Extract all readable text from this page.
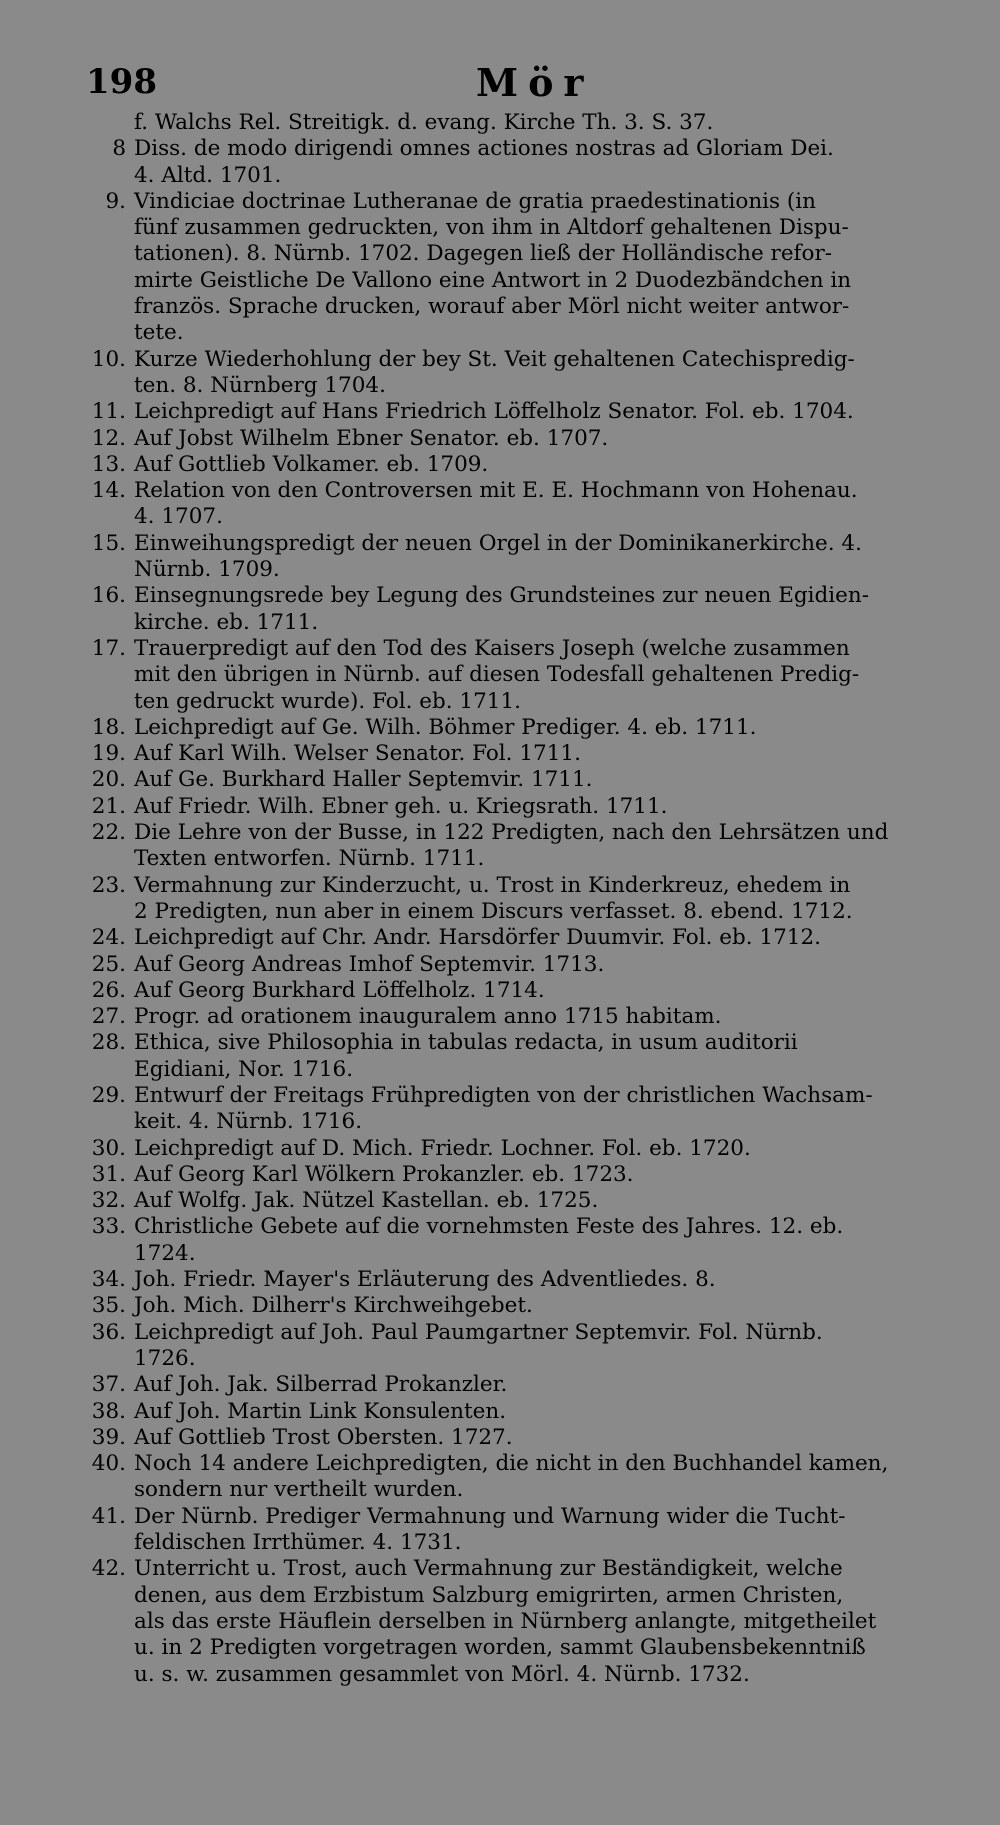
198	Mör
f. Walchs Rel. Streitigk. d. evang. Kirche Th. 3. S. 37.
8 Diss. de modo dirigendi omnes actiones nostras ad Gloriam Dei.
4. Altd. 1701.
9. Vindiciae doctrinae Lutheranae de gratia praedestinationis (in
fünf zusammen gedruckten, von ihm in Altdorf gehaltenen Dispu-
tationen). 8. Nürnb. 1702. Dagegen ließ der Holländische refor-
mirte Geistliche De Vallono eine Antwort in 2 Duodezbändchen in
französ. Sprache drucken, worauf aber Mörl nicht weiter antwor-
tete.
10. Kurze Wiederhohlung der bey St. Veit gehaltenen Catechispredig-
ten. 8. Nürnberg 1704.
11. Leichpredigt auf Hans Friedrich Löffelholz Senator. Fol. eb. 1704.
12. Auf Jobst Wilhelm Ebner Senator. eb. 1707.
13. Auf Gottlieb Volkamer. eb. 1709.
14. Relation von den Controversen mit E. E. Hochmann von Hohenau.
4. 1707.
15. Einweihungspredigt der neuen Orgel in der Dominikanerkirche. 4.
Nürnb. 1709.
16. Einsegnungsrede bey Legung des Grundsteines zur neuen Egidien-
kirche. eb. 1711.
17. Trauerpredigt auf den Tod des Kaisers Joseph (welche zusammen
mit den übrigen in Nürnb. auf diesen Todesfall gehaltenen Predig-
ten gedruckt wurde). Fol. eb. 1711.
18. Leichpredigt auf Ge. Wilh. Böhmer Prediger. 4. eb. 1711.
19. Auf Karl Wilh. Welser Senator. Fol. 1711.
20. Auf Ge. Burkhard Haller Septemvir. 1711.
21. Auf Friedr. Wilh. Ebner geh. u. Kriegsrath. 1711.
22. Die Lehre von der Busse, in 122 Predigten, nach den Lehrsätzen und
Texten entworfen. Nürnb. 1711.
23. Vermahnung zur Kinderzucht, u. Trost in Kinderkreuz, ehedem in
2 Predigten, nun aber in einem Discurs verfasset. 8. ebend. 1712.
24. Leichpredigt auf Chr. Andr. Harsdörfer Duumvir. Fol. eb. 1712.
25. Auf Georg Andreas Imhof Septemvir. 1713.
26. Auf Georg Burkhard Löffelholz. 1714.
27. Progr. ad orationem inauguralem anno 1715 habitam.
28. Ethica, sive Philosophia in tabulas redacta, in usum auditorii
Egidiani, Nor. 1716.
29. Entwurf der Freitags Frühpredigten von der christlichen Wachsam-
keit. 4. Nürnb. 1716.
30. Leichpredigt auf D. Mich. Friedr. Lochner. Fol. eb. 1720.
31. Auf Georg Karl Wölkern Prokanzler. eb. 1723.
32. Auf Wolfg. Jak. Nützel Kastellan. eb. 1725.
33. Christliche Gebete auf die vornehmsten Feste des Jahres. 12. eb.
1724.
34. Joh. Friedr. Mayer's Erläuterung des Adventliedes. 8.
35. Joh. Mich. Dilherr's Kirchweihgebet.
36. Leichpredigt auf Joh. Paul Paumgartner Septemvir. Fol. Nürnb.
1726.
37. Auf Joh. Jak. Silberrad Prokanzler.
38. Auf Joh. Martin Link Konsulenten.
39. Auf Gottlieb Trost Obersten. 1727.
40. Noch 14 andere Leichpredigten, die nicht in den Buchhandel kamen,
sondern nur vertheilt wurden.
41. Der Nürnb. Prediger Vermahnung und Warnung wider die Tucht-
feldischen Irrthümer. 4. 1731.
42. Unterricht u. Trost, auch Vermahnung zur Beständigkeit, welche
denen, aus dem Erzbistum Salzburg emigrirten, armen Christen,
als das erste Häuflein derselben in Nürnberg anlangte, mitgetheilet
u. in 2 Predigten vorgetragen worden, sammt Glaubensbekenntniß
u. s. w. zusammen gesammlet von Mörl. 4. Nürnb. 1732.
